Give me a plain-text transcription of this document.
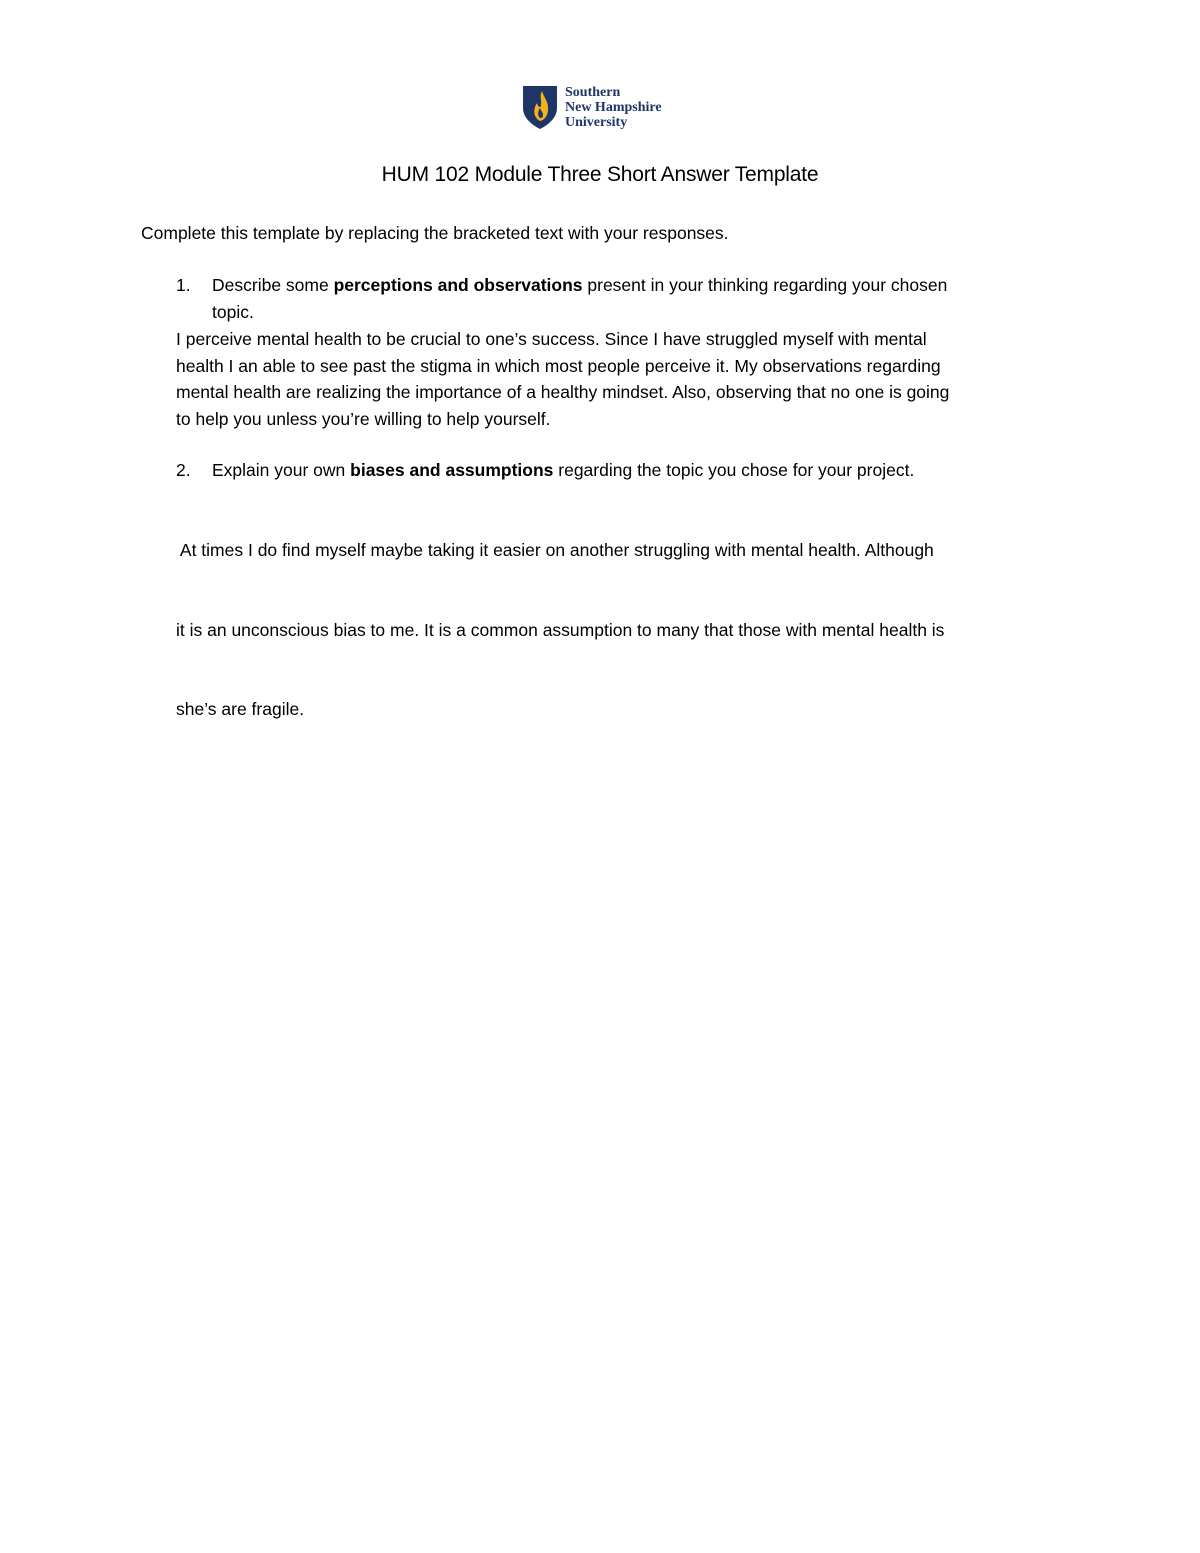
Southern
New Hampshire
University
HUM 102 Module Three Short Answer Template
Complete this template by replacing the bracketed text with your responses.
1. Describe some perceptions and observations present in your thinking regarding your chosen
topic.
I perceive mental health to be crucial to one’s success. Since I have struggled myself with mental
health I an able to see past the stigma in which most people perceive it. My observations regarding
mental health are realizing the importance of a healthy mindset. Also, observing that no one is going
to help you unless you’re willing to help yourself.
2. Explain your own biases and assumptions regarding the topic you chose for your project.

At times I do find myself maybe taking it easier on another struggling with mental health. Although

it is an unconscious bias to me. It is a common assumption to many that those with mental health is

she’s are fragile.
